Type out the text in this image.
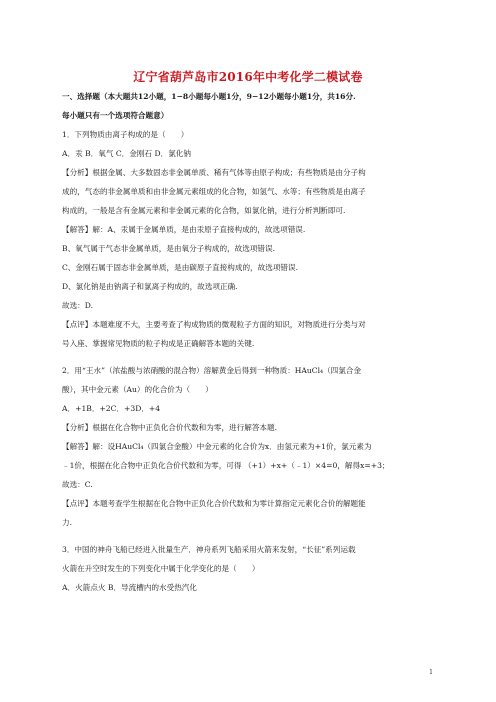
辽宁省葫芦岛市2016年中考化学二模试卷
一、选择题（本大题共12小题，1−8小题每小题1分，9−12小题每小题1分，共16分.
每小题只有一个选项符合题意）
1．下列物质由离子构成的是（　　）
A．汞 B．氧气 C．金刚石 D．氯化钠
【分析】根据金属、大多数固态非金属单质、稀有气体等由原子构成；有些物质是由分子构
成的，气态的非金属单质和由非金属元素组成的化合物，如氢气、水等；有些物质是由离子
构成的，一般是含有金属元素和非金属元素的化合物，如氯化钠，进行分析判断即可.
【解答】解：A、汞属于金属单质，是由汞原子直接构成的，故选项错误.
B、氧气属于气态非金属单质，是由氧分子构成的，故选项错误.
C、金刚石属于固态非金属单质，是由碳原子直接构成的，故选项错误.
D、氯化钠是由钠离子和氯离子构成的，故选项正确.
故选：D.
【点评】本题难度不大，主要考查了构成物质的微观粒子方面的知识，对物质进行分类与对
号入座、掌握常见物质的粒子构成是正确解答本题的关键.
2．用“王水”（浓盐酸与浓硝酸的混合物）溶解黄金后得到一种物质：HAuCl₄（四氯合金
酸），其中金元素（Au）的化合价为（　　）
A．+1B．+2C．+3D．+4
【分析】根据在化合物中正负化合价代数和为零，进行解答本题.
【解答】解：设HAuCl₄（四氯合金酸）中金元素的化合价为x．由氢元素为+1价，氯元素为
﹣1价，根据在化合物中正负化合价代数和为零，可得 （+1）+x+（﹣1）×4=0，解得x=+3；
故选：C.
【点评】本题考查学生根据在化合物中正负化合价代数和为零计算指定元素化合价的解题能
力.
3．中国的神舟飞船已经进入批量生产．神舟系列飞船采用火箭来发射，“长征”系列运载
火箭在升空时发生的下列变化中属于化学变化的是（　　）
A．火箭点火 B．导流槽内的水受热汽化
1
